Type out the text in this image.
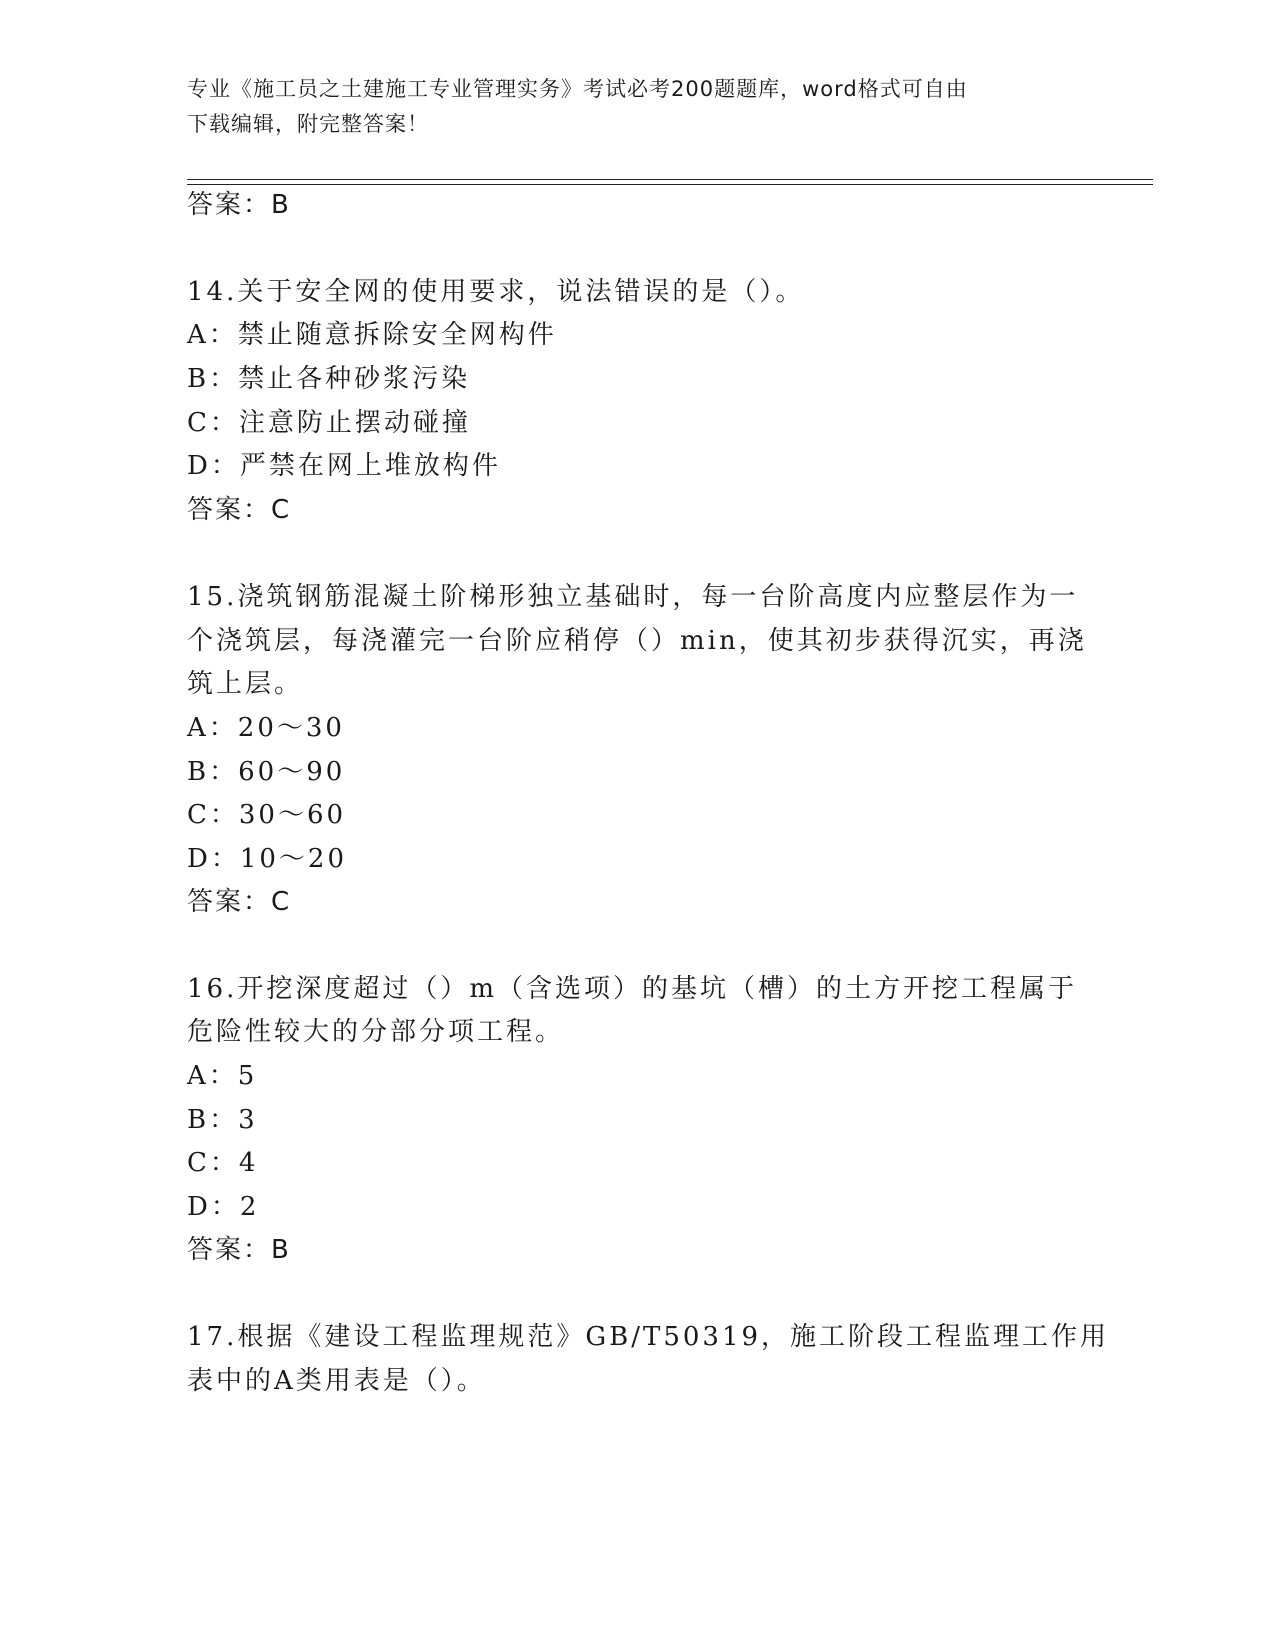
专业《施工员之土建施工专业管理实务》考试必考200题题库，word格式可自由
下载编辑，附完整答案！
答案：B
14.关于安全网的使用要求，说法错误的是（）。
A：禁止随意拆除安全网构件
B：禁止各种砂浆污染
C：注意防止摆动碰撞
D：严禁在网上堆放构件
答案：C
15.浇筑钢筋混凝土阶梯形独立基础时，每一台阶高度内应整层作为一
个浇筑层，每浇灌完一台阶应稍停（）min，使其初步获得沉实，再浇
筑上层。
A：20～30
B：60～90
C：30～60
D：10～20
答案：C
16.开挖深度超过（）m（含选项）的基坑（槽）的土方开挖工程属于
危险性较大的分部分项工程。
A：5
B：3
C：4
D：2
答案：B
17.根据《建设工程监理规范》GB/T50319，施工阶段工程监理工作用
表中的A类用表是（）。
